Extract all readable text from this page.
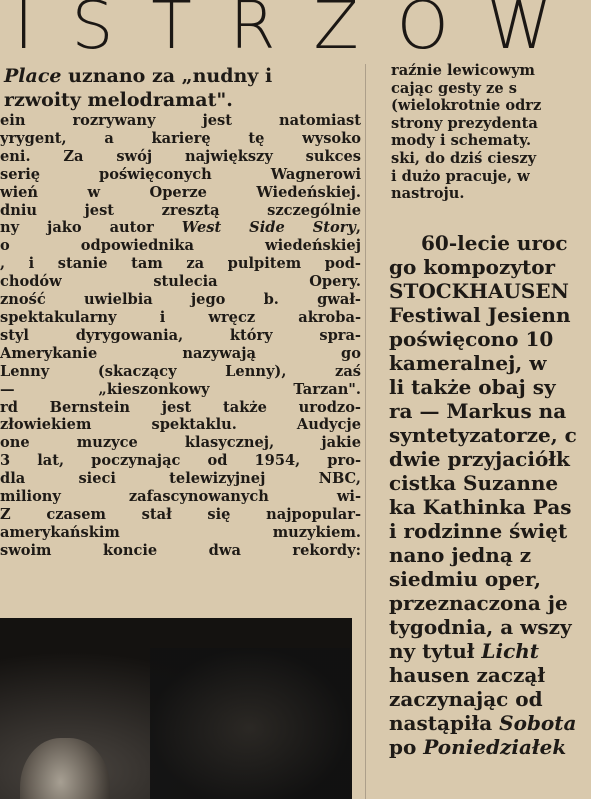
ISTRZOW
Place uznano za „nudny i
rzwoity melodramat".
ein rozrywany jest natomiast
yrygent, a karierę tę wysoko
eni. Za swój największy sukces
serię poświęconych Wagnerowi
wień w Operze Wiedeńskiej.
dniu jest zresztą szczególnie
ny jako autor West Side Story,
o odpowiednika wiedeńskiej
, i stanie tam za pulpitem pod-
chodów stulecia Opery.
zność uwielbia jego b. gwał-
spektakularny i wręcz akroba-
styl dyrygowania, który spra-
Amerykanie nazywają go
Lenny (skaczący Lenny), zaś
— „kieszonkowy Tarzan".
rd Bernstein jest także urodzo-
złowiekiem spektaklu. Audycje
one muzyce klasycznej, jakie
3 lat, poczynając od 1954, pro-
dla sieci telewizyjnej NBC,
miliony zafascynowanych wi-
Z czasem stał się najpopular-
amerykańskim muzykiem.
swoim koncie dwa rekordy:
raźnie lewicowym
cając gesty ze s
(wielokrotnie odrz
strony prezydenta
mody i schematy.
ski, do dziś cieszy
i dużo pracuje, w
nastroju.
60-lecie uroc
go kompozytor
STOCKHAUSEN
Festiwal Jesienn
poświęcono 10
kameralnej, w
li także obaj sy
ra — Markus na
syntetyzatorze, c
dwie przyjaciółk
cistka Suzanne
ka Kathinka Pas
i rodzinne święt
nano jedną z
siedmiu oper,
przeznaczona je
tygodnia, a wszy
ny tytuł Licht
hausen zaczął
zaczynając od
nastąpiła Sobota
po Poniedziałek
